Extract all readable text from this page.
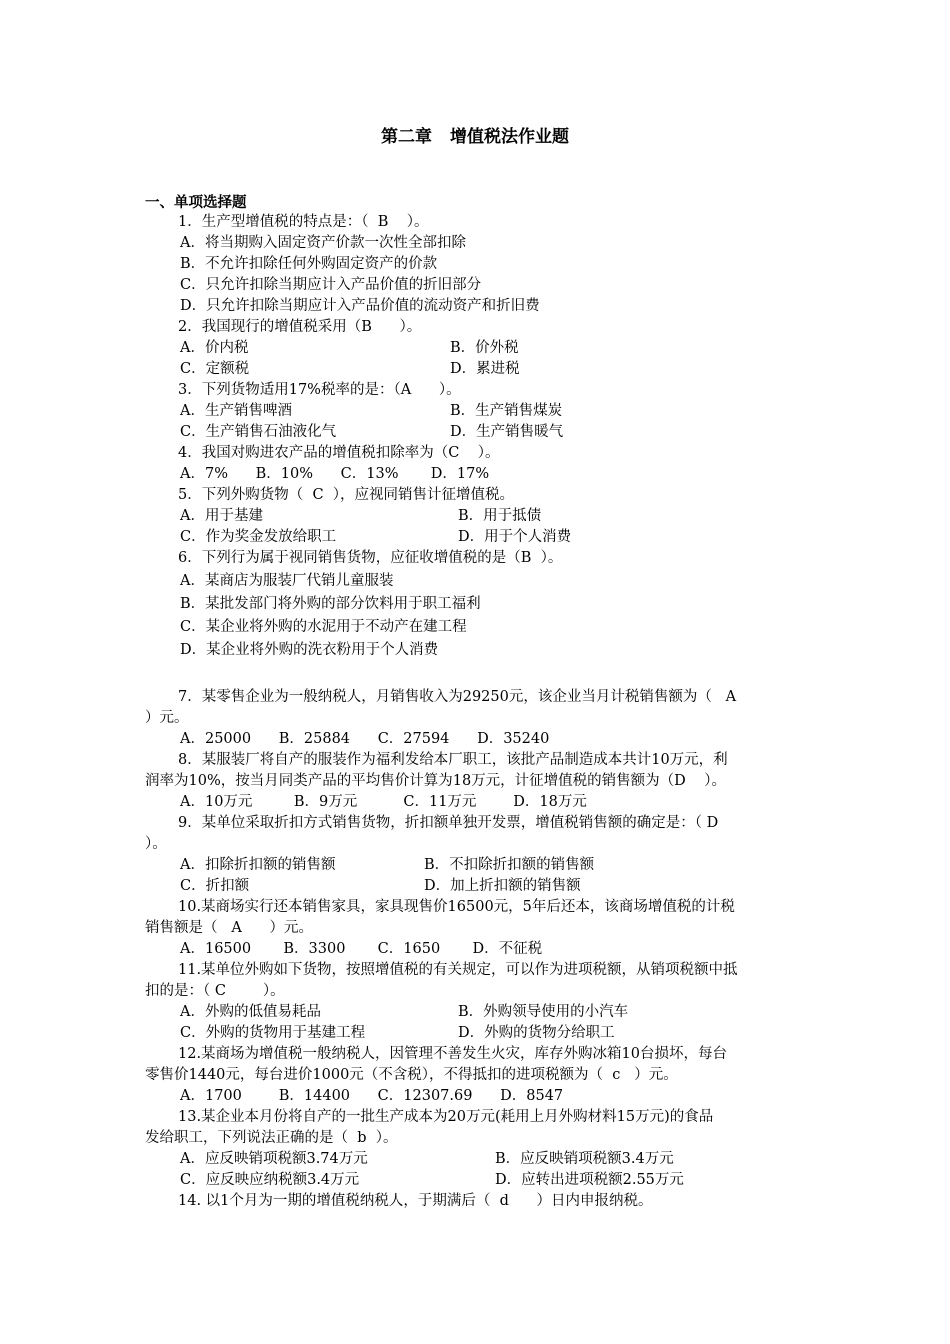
第二章 增值税法作业题
一、单项选择题
1．生产型增值税的特点是：（  B    ）。
A．将当期购入固定资产价款一次性全部扣除
B．不允许扣除任何外购固定资产的价款
C．只允许扣除当期应计入产品价值的折旧部分
D．只允许扣除当期应计入产品价值的流动资产和折旧费
2．我国现行的增值税采用（B      ）。
A．价内税	B．价外税
C．定额税	D．累进税
3．下列货物适用17%税率的是：（A      ）。
A．生产销售啤酒	B．生产销售煤炭
C．生产销售石油液化气	D．生产销售暖气
4．我国对购进农产品的增值税扣除率为（C    ）。
A．7%      B．10%      C．13%       D．17%
5．下列外购货物（  C  ），应视同销售计征增值税。
A．用于基建	B．用于抵债
C．作为奖金发放给职工	D．用于个人消费
6．下列行为属于视同销售货物，应征收增值税的是（B  ）。
A．某商店为服装厂代销儿童服装
B．某批发部门将外购的部分饮料用于职工福利
C．某企业将外购的水泥用于不动产在建工程
D．某企业将外购的洗衣粉用于个人消费
7．某零售企业为一般纳税人，月销售收入为29250元，该企业当月计税销售额为（   A
）元。
A．25000      B．25884      C．27594      D．35240
8．某服装厂将自产的服装作为福利发给本厂职工，该批产品制造成本共计10万元，利
润率为10%，按当月同类产品的平均售价计算为18万元，计征增值税的销售额为（D    ）。
A．10万元         B．9万元          C．11万元        D．18万元
9．某单位采取折扣方式销售货物，折扣额单独开发票，增值税销售额的确定是：（ D
）。
A．扣除折扣额的销售额	B．不扣除折扣额的销售额
C．折扣额	D．加上折扣额的销售额
10.某商场实行还本销售家具，家具现售价16500元，5年后还本，该商场增值税的计税
销售额是（   A      ）元。
A．16500       B．3300       C．1650       D．不征税
11.某单位外购如下货物，按照增值税的有关规定，可以作为进项税额，从销项税额中抵
扣的是：（ C        ）。
A．外购的低值易耗品	B．外购领导使用的小汽车
C．外购的货物用于基建工程	D．外购的货物分给职工
12.某商场为增值税一般纳税人，因管理不善发生火灾，库存外购冰箱10台损坏，每台
零售价1440元，每台进价1000元（不含税），不得抵扣的进项税额为（  c   ）元。
A．1700        B．14400      C．12307.69      D．8547
13.某企业本月份将自产的一批生产成本为20万元(耗用上月外购材料15万元)的食品
发给职工，下列说法正确的是（  b  ）。
A．应反映销项税额3.74万元	B．应反映销项税额3.4万元
C．应反映应纳税额3.4万元	D．应转出进项税额2.55万元
14. 以1个月为一期的增值税纳税人，于期满后（  d      ）日内申报纳税。
